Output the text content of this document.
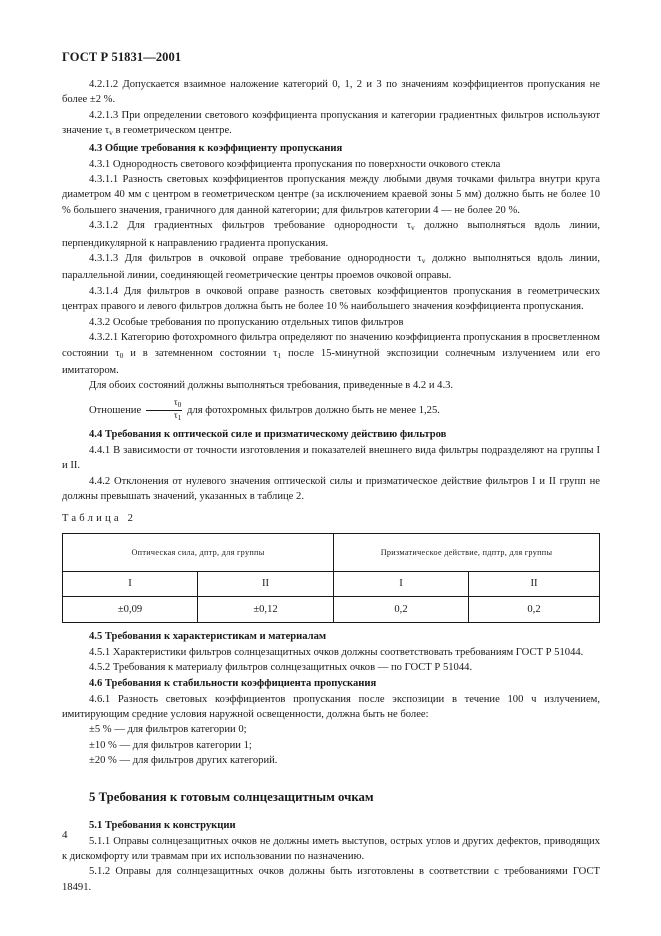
ГОСТ Р 51831—2001

4.2.1.2 Допускается взаимное наложение категорий 0, 1, 2 и 3 по значениям коэффициентов пропускания не более ±2 %.

4.2.1.3 При определении светового коэффициента пропускания и категории градиентных фильтров используют значение $\tau_v$ в геометрическом центре.

4.3 Общие требования к коэффициенту пропускания

4.3.1 Однородность светового коэффициента пропускания по поверхности очкового стекла

4.3.1.1 Разность световых коэффициентов пропускания между любыми двумя точками фильтра внутри круга диаметром 40 мм с центром в геометрическом центре (за исключением краевой зоны 5 мм) должно быть не более 10 % большего значения, граничного для данной категории; для фильтров категории 4 — не более 20 %.

4.3.1.2 Для градиентных фильтров требование однородности $\tau_v$ должно выполняться вдоль линии, перпендикулярной к направлению градиента пропускания.

4.3.1.3 Для фильтров в очковой оправе требование однородности $\tau_v$ должно выполняться вдоль линии, параллельной линии, соединяющей геометрические центры проемов очковой оправы.

4.3.1.4 Для фильтров в очковой оправе разность световых коэффициентов пропускания в геометрических центрах правого и левого фильтров должна быть не более 10 % наибольшего значения коэффициента пропускания.

4.3.2 Особые требования по пропусканию отдельных типов фильтров

4.3.2.1 Категорию фотохромного фильтра определяют по значению коэффициента пропускания в просветленном состоянии $\tau_0$ и в затемненном состоянии $\tau_1$ после 15-минутной экспозиции солнечным излучением или его имитатором.

Для обоих состояний должны выполняться требования, приведенные в 4.2 и 4.3.

Отношение $\frac{\tau_0}{\tau_1}$ для фотохромных фильтров должно быть не менее 1,25.

4.4 Требования к оптической силе и призматическому действию фильтров

4.4.1 В зависимости от точности изготовления и показателей внешнего вида фильтры подразделяют на группы I и II.

4.4.2 Отклонения от нулевого значения оптической силы и призматическое действие фильтров I и II групп не должны превышать значений, указанных в таблице 2.

Таблица 2

Оптическая сила, дптр, для группы		Призматическое действие, пдптр, для группы	
I	II	I	II
±0,09	±0,12	0,2	0,2

4.5 Требования к характеристикам и материалам

4.5.1 Характеристики фильтров солнцезащитных очков должны соответствовать требованиям ГОСТ Р 51044.

4.5.2 Требования к материалу фильтров солнцезащитных очков — по ГОСТ Р 51044.

4.6 Требования к стабильности коэффициента пропускания

4.6.1 Разность световых коэффициентов пропускания после экспозиции в течение 100 ч излучением, имитирующим средние условия наружной освещенности, должна быть не более:

±5 % — для фильтров категории 0;

±10 % — для фильтров категории 1;

±20 % — для фильтров других категорий.

5 Требования к готовым солнцезащитным очкам

5.1 Требования к конструкции

5.1.1 Оправы солнцезащитных очков не должны иметь выступов, острых углов и других дефектов, приводящих к дискомфорту или травмам при их использовании по назначению.

5.1.2 Оправы для солнцезащитных очков должны быть изготовлены в соответствии с требованиями ГОСТ 18491.

4
